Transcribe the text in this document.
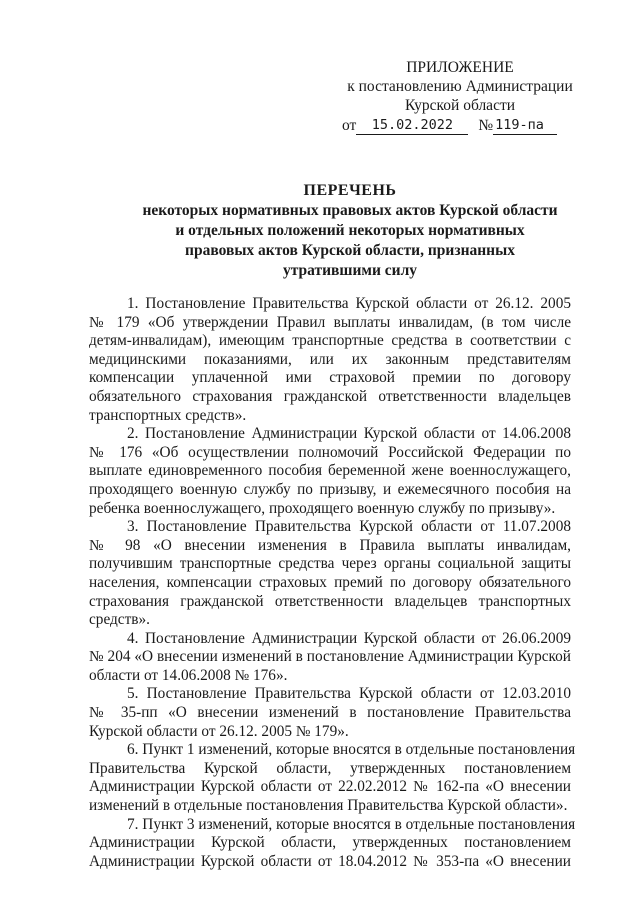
ПРИЛОЖЕНИЕ
к постановлению Администрации
Курской области
от	15.02.2022	№ 119-па
ПЕРЕЧЕНЬ
некоторых нормативных правовых актов Курской области
и отдельных положений некоторых нормативных
правовых актов Курской области, признанных
утратившими силу

1. Постановление Правительства Курской области от 26.12. 2005
№ 179 «Об утверждении Правил выплаты инвалидам, (в том числе
детям-инвалидам), имеющим транспортные средства в соответствии с
медицинскими показаниями, или их законным представителям
компенсации уплаченной ими страховой премии по договору
обязательного страхования гражданской ответственности владельцев
транспортных средств».

2. Постановление Администрации Курской области от 14.06.2008
№ 176 «Об осуществлении полномочий Российской Федерации по
выплате единовременного пособия беременной жене военнослужащего,
проходящего военную службу по призыву, и ежемесячного пособия на
ребенка военнослужащего, проходящего военную службу по призыву».

3. Постановление Правительства Курской области от 11.07.2008
№ 98 «О внесении изменения в Правила выплаты инвалидам,
получившим транспортные средства через органы социальной защиты
населения, компенсации страховых премий по договору обязательного
страхования гражданской ответственности владельцев транспортных
средств».

4. Постановление Администрации Курской области от 26.06.2009
№ 204 «О внесении изменений в постановление Администрации Курской
области от 14.06.2008 № 176».

5. Постановление Правительства Курской области от 12.03.2010
№ 35-пп «О внесении изменений в постановление Правительства
Курской области от 26.12. 2005 № 179».

6. Пункт 1 изменений, которые вносятся в отдельные постановления
Правительства Курской области, утвержденных постановлением
Администрации Курской области от 22.02.2012 № 162-па «О внесении
изменений в отдельные постановления Правительства Курской области».

7. Пункт 3 изменений, которые вносятся в отдельные постановления
Администрации Курской области, утвержденных постановлением
Администрации Курской области от 18.04.2012 № 353-па «О внесении
